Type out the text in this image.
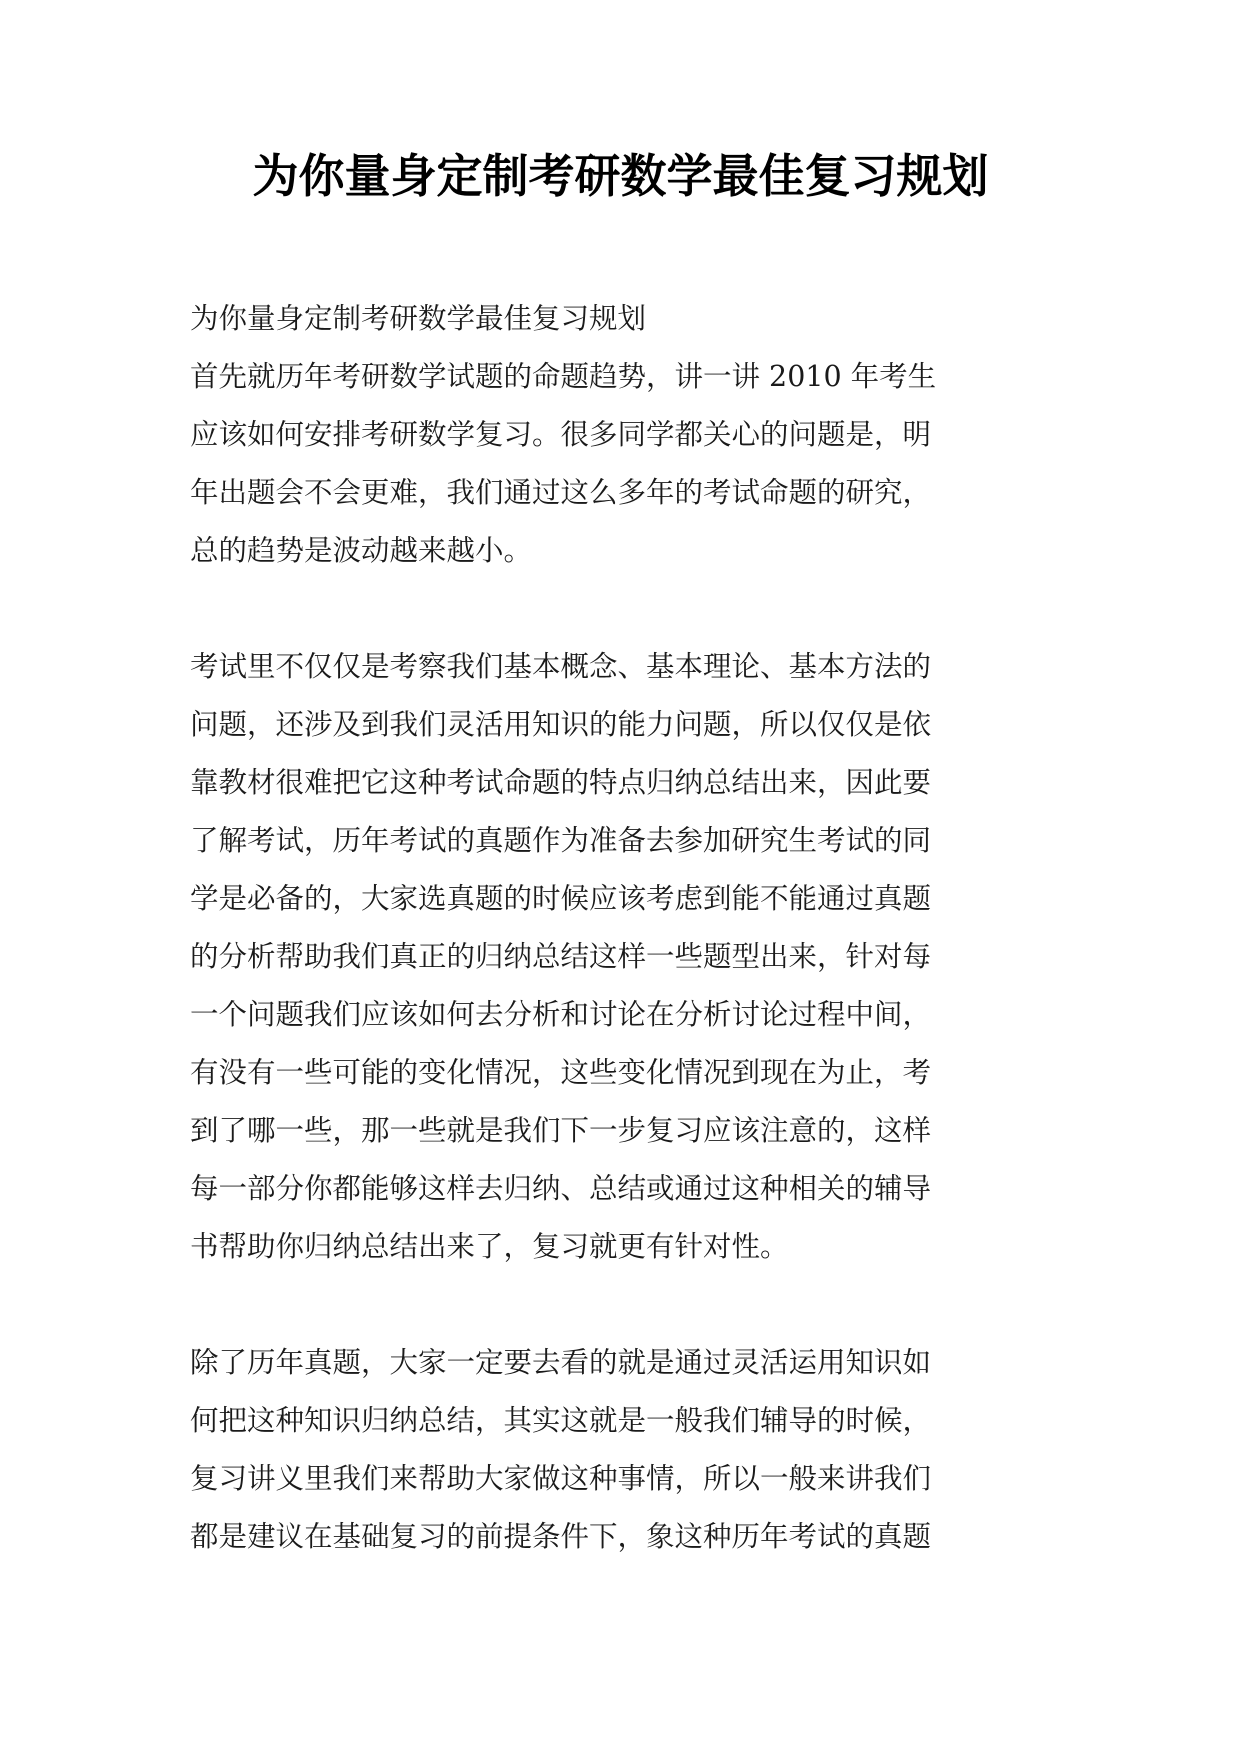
为你量身定制考研数学最佳复习规划

为你量身定制考研数学最佳复习规划

首先就历年考研数学试题的命题趋势，讲一讲 2010 年考生
应该如何安排考研数学复习。很多同学都关心的问题是，明
年出题会不会更难，我们通过这么多年的考试命题的研究，
总的趋势是波动越来越小。
考试里不仅仅是考察我们基本概念、基本理论、基本方法的
问题，还涉及到我们灵活用知识的能力问题，所以仅仅是依
靠教材很难把它这种考试命题的特点归纳总结出来，因此要
了解考试，历年考试的真题作为准备去参加研究生考试的同
学是必备的，大家选真题的时候应该考虑到能不能通过真题
的分析帮助我们真正的归纳总结这样一些题型出来，针对每
一个问题我们应该如何去分析和讨论在分析讨论过程中间，
有没有一些可能的变化情况，这些变化情况到现在为止，考
到了哪一些，那一些就是我们下一步复习应该注意的，这样
每一部分你都能够这样去归纳、总结或通过这种相关的辅导
书帮助你归纳总结出来了，复习就更有针对性。
除了历年真题，大家一定要去看的就是通过灵活运用知识如
何把这种知识归纳总结，其实这就是一般我们辅导的时候，
复习讲义里我们来帮助大家做这种事情，所以一般来讲我们
都是建议在基础复习的前提条件下，象这种历年考试的真题
